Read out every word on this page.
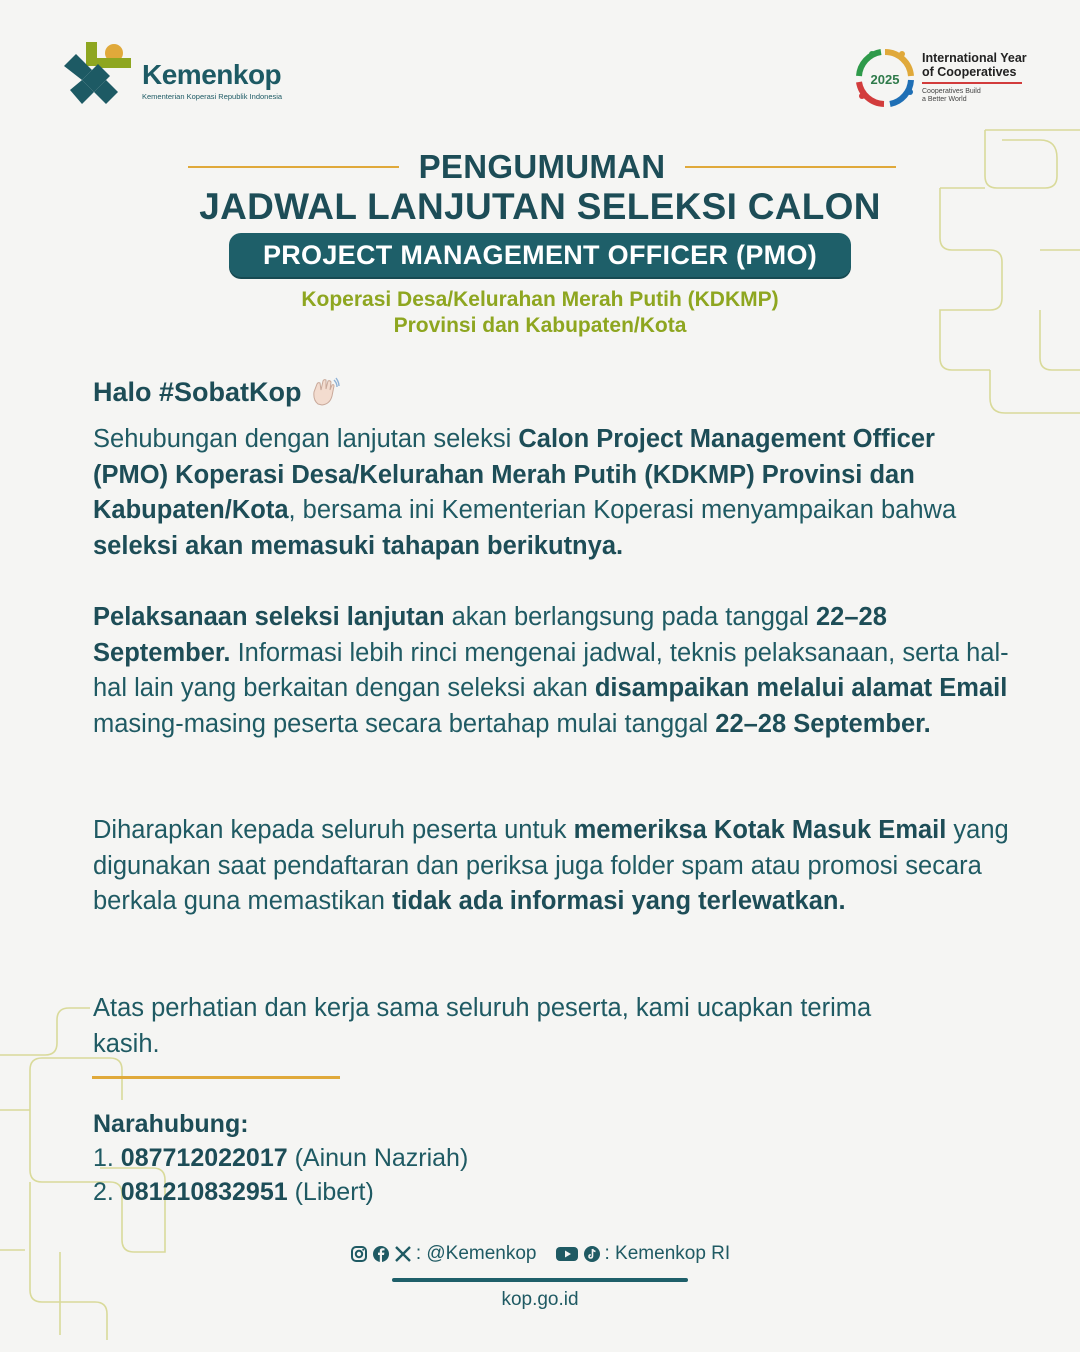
Kemenkop
Kementerian Koperasi Republik Indonesia
2025
International Year
of Cooperatives
Cooperatives Build
a Better World
PENGUMUMAN
JADWAL LANJUTAN SELEKSI CALON
PROJECT MANAGEMENT OFFICER (PMO)
Koperasi Desa/Kelurahan Merah Putih (KDKMP)
Provinsi dan Kabupaten/Kota
Halo #SobatKop
Sehubungan dengan lanjutan seleksi Calon Project Management Officer (PMO) Koperasi Desa/Kelurahan Merah Putih (KDKMP) Provinsi dan Kabupaten/Kota, bersama ini Kementerian Koperasi menyampaikan bahwa seleksi akan memasuki tahapan berikutnya.
Pelaksanaan seleksi lanjutan akan berlangsung pada tanggal 22–28 September. Informasi lebih rinci mengenai jadwal, teknis pelaksanaan, serta hal-hal lain yang berkaitan dengan seleksi akan disampaikan melalui alamat Email masing-masing peserta secara bertahap mulai tanggal 22–28 September.
Diharapkan kepada seluruh peserta untuk memeriksa Kotak Masuk Email yang digunakan saat pendaftaran dan periksa juga folder spam atau promosi secara berkala guna memastikan tidak ada informasi yang terlewatkan.
Atas perhatian dan kerja sama seluruh peserta, kami ucapkan terima kasih.
Narahubung:
1. 087712022017 (Ainun Nazriah)
2. 081210832951 (Libert)
: @Kemenkop	: Kemenkop RI
kop.go.id
